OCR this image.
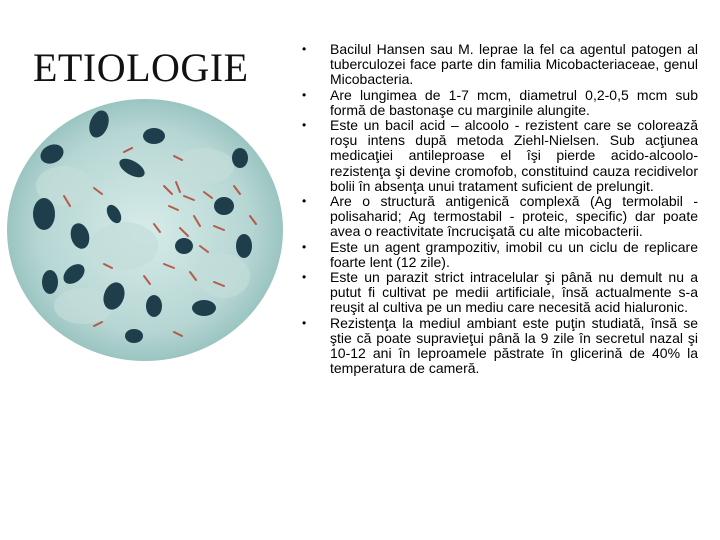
ETIOLOGIE
•	Bacilul Hansen sau M. leprae la fel ca agentul patogen al tuberculozei face parte din familia Micobacteriaceae, genul Micobacteria.
• Are lungimea de 1-7 mcm, diametrul 0,2-0,5 mcm sub formă de bastonaşe cu marginile alungite.
• Este un bacil acid – alcoolo - rezistent care se colorează roşu intens după metoda Ziehl-Nielsen. Sub acţiunea medicaţiei antileproase el îşi pierde acido-alcoolo-rezistenţa şi devine cromofob, constituind cauza recidivelor bolii în absenţa unui tratament suficient de prelungit.
• Are o structură antigenică complexă (Ag termolabil - polisaharid; Ag termostabil - proteic, specific) dar poate avea o reactivitate încrucişată cu alte micobacterii.
• Este un agent grampozitiv, imobil cu un ciclu de replicare foarte lent (12 zile).
• Este un parazit strict intracelular şi până nu demult nu a putut fi cultivat pe medii artificiale, însă actualmente s-a reuşit al cultiva pe un mediu care necesită acid hialuronic.
• Rezistenţa la mediul ambiant este puţin studiată, însă se ştie că poate supravieţui până la 9 zile în secretul nazal şi 10-12 ani în leproamele păstrate în glicerină de 40% la temperatura de cameră.
